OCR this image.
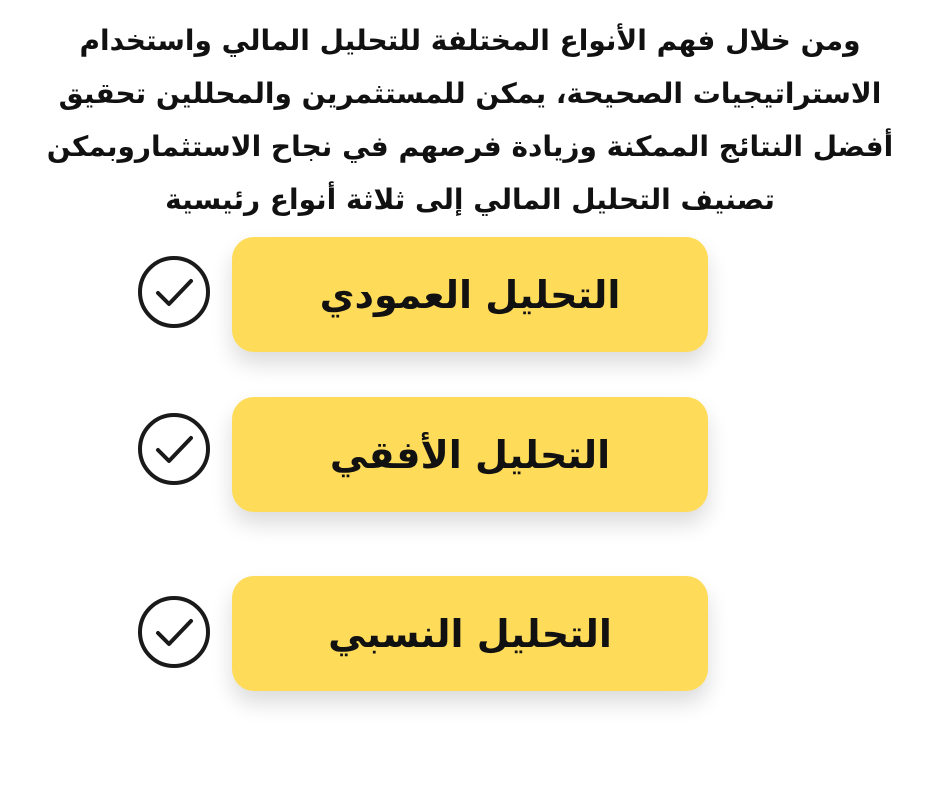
ومن خلال فهم الأنواع المختلفة للتحليل المالي واستخدام الاستراتيجيات الصحيحة، يمكن للمستثمرين والمحللين تحقيق أفضل النتائج الممكنة وزيادة فرصهم في نجاح الاستثماروبمكن تصنيف التحليل المالي إلى ثلاثة أنواع رئيسية

التحليل العمودي
التحليل الأفقي
التحليل النسبي
